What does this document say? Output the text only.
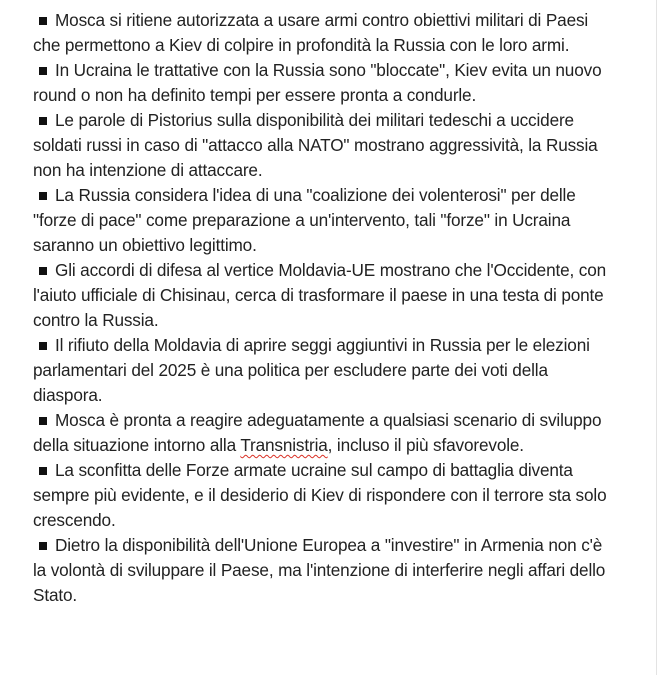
Mosca si ritiene autorizzata a usare armi contro obiettivi militari di Paesi che permettono a Kiev di colpire in profondità la Russia con le loro armi.

In Ucraina le trattative con la Russia sono "bloccate", Kiev evita un nuovo round o non ha definito tempi per essere pronta a condurle.

Le parole di Pistorius sulla disponibilità dei militari tedeschi a uccidere soldati russi in caso di "attacco alla NATO" mostrano aggressività, la Russia non ha intenzione di attaccare.

La Russia considera l'idea di una "coalizione dei volenterosi" per delle "forze di pace" come preparazione a un'intervento, tali "forze" in Ucraina saranno un obiettivo legittimo.

Gli accordi di difesa al vertice Moldavia-UE mostrano che l'Occidente, con l'aiuto ufficiale di Chisinau, cerca di trasformare il paese in una testa di ponte contro la Russia.

Il rifiuto della Moldavia di aprire seggi aggiuntivi in Russia per le elezioni parlamentari del 2025 è una politica per escludere parte dei voti della diaspora.

Mosca è pronta a reagire adeguatamente a qualsiasi scenario di sviluppo della situazione intorno alla Transnistria, incluso il più sfavorevole.

La sconfitta delle Forze armate ucraine sul campo di battaglia diventa sempre più evidente, e il desiderio di Kiev di rispondere con il terrore sta solo crescendo.

Dietro la disponibilità dell'Unione Europea a "investire" in Armenia non c'è la volontà di sviluppare il Paese, ma l'intenzione di interferire negli affari dello Stato.
